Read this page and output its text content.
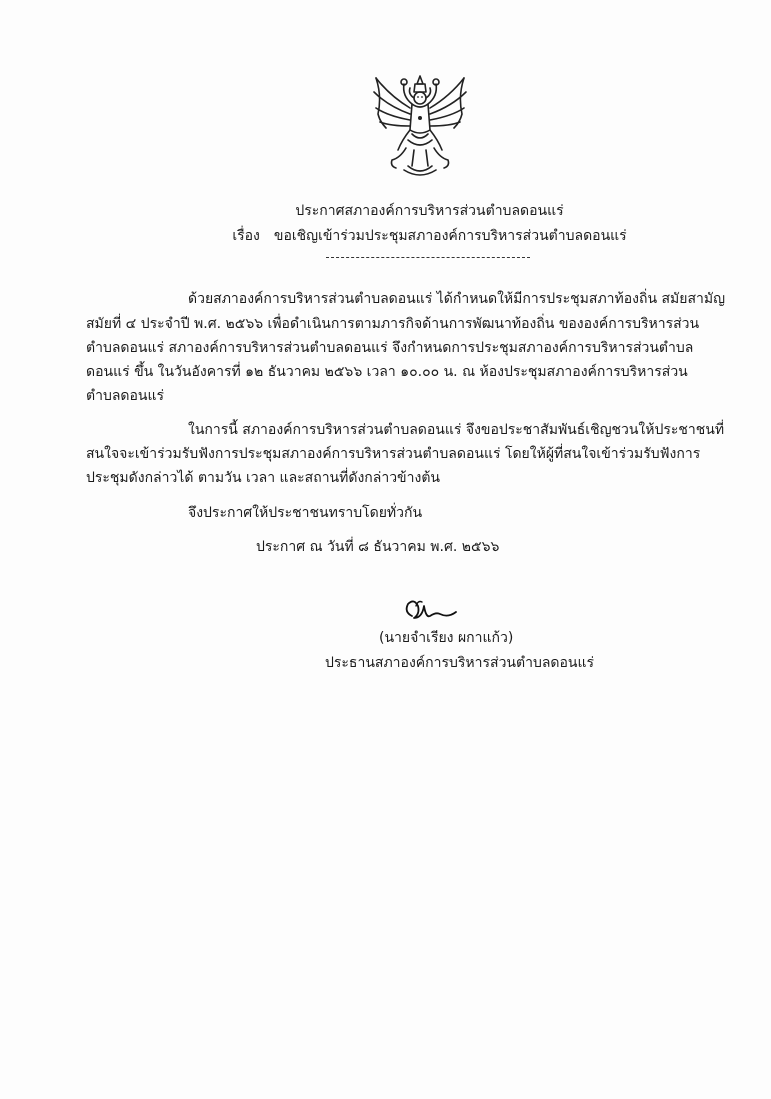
ประกาศสภาองค์การบริหารส่วนตำบลดอนแร่
เรื่อง ขอเชิญเข้าร่วมประชุมสภาองค์การบริหารส่วนตำบลดอนแร่
ด้วยสภาองค์การบริหารส่วนตำบลดอนแร่ ได้กำหนดให้มีการประชุมสภาท้องถิ่น สมัยสามัญ
สมัยที่ ๔ ประจำปี พ.ศ. ๒๕๖๖ เพื่อดำเนินการตามภารกิจด้านการพัฒนาท้องถิ่น ขององค์การบริหารส่วน
ตำบลดอนแร่ สภาองค์การบริหารส่วนตำบลดอนแร่ จึงกำหนดการประชุมสภาองค์การบริหารส่วนตำบล
ดอนแร่ ขึ้น ในวันอังคารที่ ๑๒ ธันวาคม ๒๕๖๖ เวลา ๑๐.๐๐ น. ณ ห้องประชุมสภาองค์การบริหารส่วน
ตำบลดอนแร่
ในการนี้ สภาองค์การบริหารส่วนตำบลดอนแร่ จึงขอประชาสัมพันธ์เชิญชวนให้ประชาชนที่
สนใจจะเข้าร่วมรับฟังการประชุมสภาองค์การบริหารส่วนตำบลดอนแร่ โดยให้ผู้ที่สนใจเข้าร่วมรับฟังการ
ประชุมดังกล่าวได้ ตามวัน เวลา และสถานที่ดังกล่าวข้างต้น
จึงประกาศให้ประชาชนทราบโดยทั่วกัน
ประกาศ ณ วันที่ ๘ ธันวาคม พ.ศ. ๒๕๖๖
(นายจำเรียง ผกาแก้ว)
ประธานสภาองค์การบริหารส่วนตำบลดอนแร่
